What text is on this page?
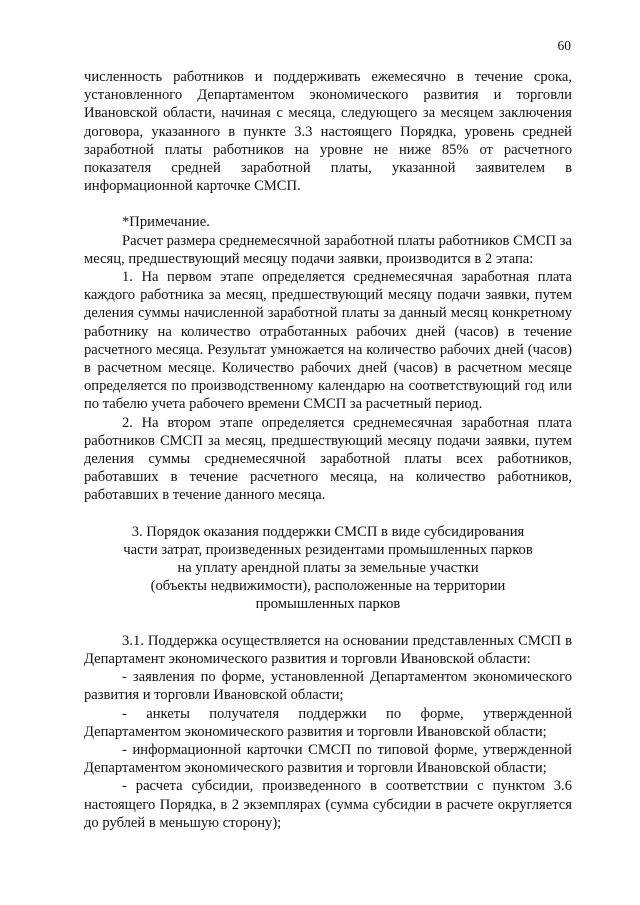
60

численность работников и поддерживать ежемесячно в течение срока, установленного Департаментом экономического развития и торговли Ивановской области, начиная с месяца, следующего за месяцем заключения договора, указанного в пункте 3.3 настоящего Порядка, уровень средней заработной платы работников на уровне не ниже 85% от расчетного показателя средней заработной платы, указанной заявителем в информационной карточке СМСП.

*Примечание.

Расчет размера среднемесячной заработной платы работников СМСП за месяц, предшествующий месяцу подачи заявки, производится в 2 этапа:

1. На первом этапе определяется среднемесячная заработная плата каждого работника за месяц, предшествующий месяцу подачи заявки, путем деления суммы начисленной заработной платы за данный месяц конкретному работнику на количество отработанных рабочих дней (часов) в течение расчетного месяца. Результат умножается на количество рабочих дней (часов) в расчетном месяце. Количество рабочих дней (часов) в расчетном месяце определяется по производственному календарю на соответствующий год или по табелю учета рабочего времени СМСП за расчетный период.

2. На втором этапе определяется среднемесячная заработная плата работников СМСП за месяц, предшествующий месяцу подачи заявки, путем деления суммы среднемесячной заработной платы всех работников, работавших в течение расчетного месяца, на количество работников, работавших в течение данного месяца.

3. Порядок оказания поддержки СМСП в виде субсидирования

части затрат, произведенных резидентами промышленных парков

на уплату арендной платы за земельные участки

(объекты недвижимости), расположенные на территории

промышленных парков

3.1. Поддержка осуществляется на основании представленных СМСП в Департамент экономического развития и торговли Ивановской области:

- заявления по форме, установленной Департаментом экономического развития и торговли Ивановской области;

- анкеты получателя поддержки по форме, утвержденной Департаментом экономического развития и торговли Ивановской области;

- информационной карточки СМСП по типовой форме, утвержденной Департаментом экономического развития и торговли Ивановской области;

- расчета субсидии, произведенного в соответствии с пунктом 3.6 настоящего Порядка, в 2 экземплярах (сумма субсидии в расчете округляется до рублей в меньшую сторону);
